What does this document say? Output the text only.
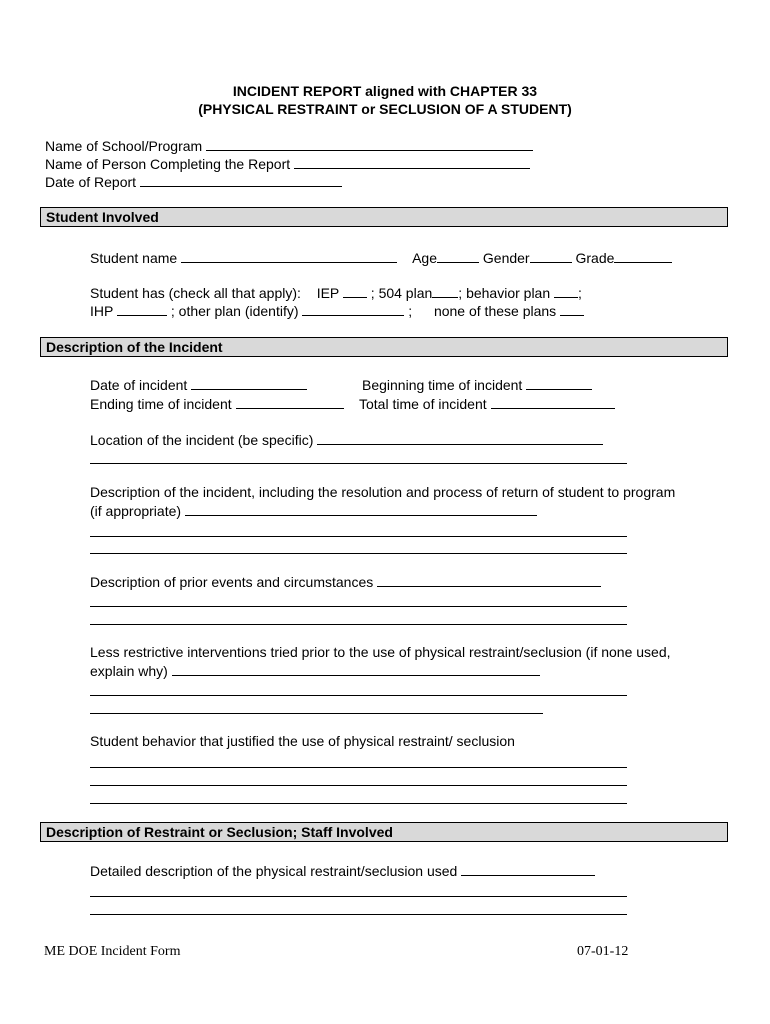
INCIDENT REPORT aligned with CHAPTER 33
(PHYSICAL RESTRAINT or SECLUSION OF A STUDENT)
Name of School/Program
Name of Person Completing the Report
Date of Report
Student Involved
Student name	Age	Gender	Grade
Student has (check all that apply): IEP  ; 504 plan ; behavior plan ;
IHP	; other plan (identify)	;  none of these plans
Description of the Incident
Date of incident	Beginning time of incident
Ending time of incident	Total time of incident
Location of the incident (be specific)
Description of the incident, including the resolution and process of return of student to program
(if appropriate)
Description of prior events and circumstances
Less restrictive interventions tried prior to the use of physical restraint/seclusion (if none used,
explain why)
Student behavior that justified the use of physical restraint/ seclusion
Description of Restraint or Seclusion; Staff Involved
Detailed description of the physical restraint/seclusion used
ME DOE Incident Form	07-01-12
